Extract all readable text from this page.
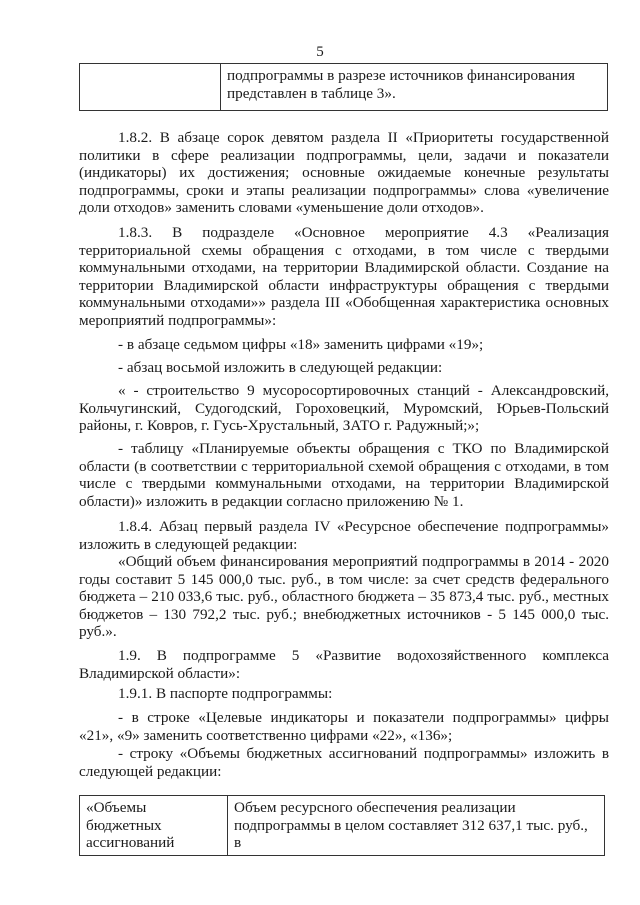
5
	подпрограммы в разрезе источников финансирования представлен в таблице 3».

1.8.2. В абзаце сорок девятом раздела II «Приоритеты государственной политики в сфере реализации подпрограммы, цели, задачи и показатели (индикаторы) их достижения; основные ожидаемые конечные результаты подпрограммы, сроки и этапы реализации подпрограммы» слова «увеличение доли отходов» заменить словами «уменьшение доли отходов».

1.8.3. В подразделе «Основное мероприятие 4.3 «Реализация территориальной схемы обращения с отходами, в том числе с твердыми коммунальными отходами, на территории Владимирской области. Создание на территории Владимирской области инфраструктуры обращения с твердыми коммунальными отходами»» раздела III «Обобщенная характеристика основных мероприятий подпрограммы»:

- в абзаце седьмом цифры «18» заменить цифрами «19»;

- абзац восьмой изложить в следующей редакции:

« - строительство 9 мусоросортировочных станций - Александровский, Кольчугинский, Судогодский, Гороховецкий, Муромский, Юрьев-Польский районы, г. Ковров, г. Гусь-Хрустальный, ЗАТО г. Радужный;»;

- таблицу «Планируемые объекты обращения с ТКО по Владимирской области (в соответствии с территориальной схемой обращения с отходами, в том числе с твердыми коммунальными отходами, на территории Владимирской области)» изложить в редакции согласно приложению № 1.

1.8.4. Абзац первый раздела IV «Ресурсное обеспечение подпрограммы» изложить в следующей редакции:

«Общий объем финансирования мероприятий подпрограммы в 2014 - 2020 годы составит 5 145 000,0 тыс. руб., в том числе: за счет средств федерального бюджета – 210 033,6 тыс. руб., областного бюджета – 35 873,4 тыс. руб., местных бюджетов – 130 792,2 тыс. руб.; внебюджетных источников - 5 145 000,0 тыс. руб.».

1.9. В подпрограмме 5 «Развитие водохозяйственного комплекса Владимирской области»:

1.9.1. В паспорте подпрограммы:

- в строке «Целевые индикаторы и показатели подпрограммы» цифры «21», «9» заменить соответственно цифрами «22», «136»;

- строку «Объемы бюджетных ассигнований подпрограммы» изложить в следующей редакции:

«Объемы бюджетных ассигнований	Объем ресурсного обеспечения реализации подпрограммы в целом составляет 312 637,1 тыс. руб., в
